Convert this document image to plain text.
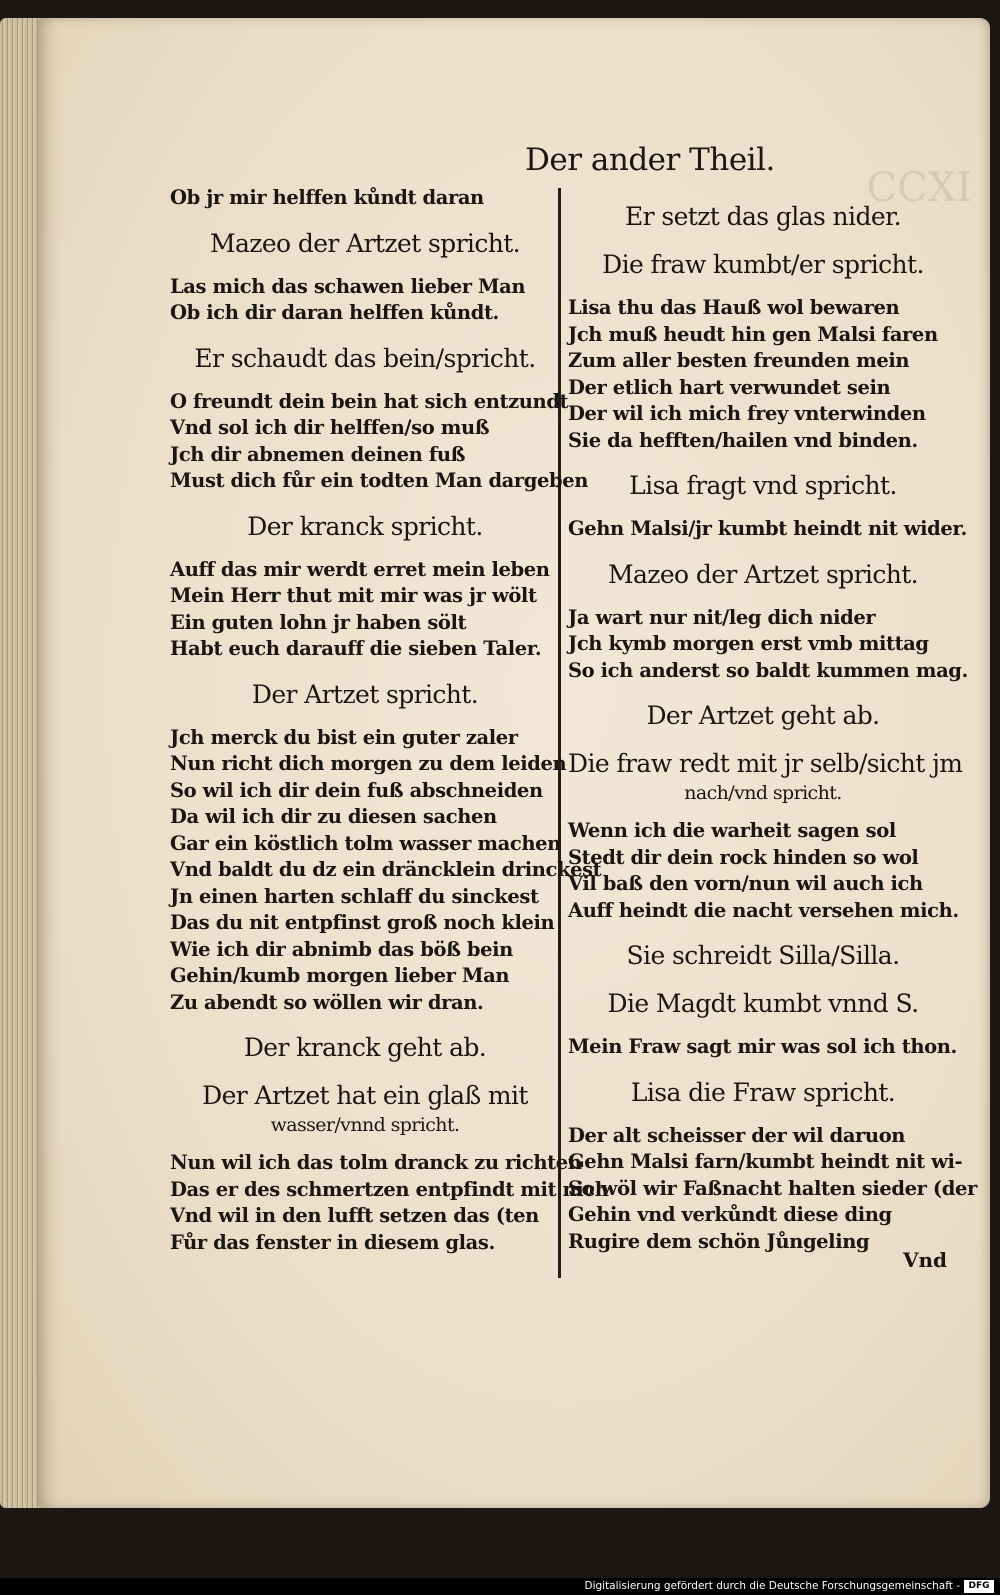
CCXI
Der ander Theil.
Ob jr mir helffen kůndt daran
Mazeo der Artzet spricht.
Las mich das schawen lieber Man
Ob ich dir daran helffen kůndt.
Er schaudt das bein/spricht.
O freundt dein bein hat sich entzundt
Vnd sol ich dir helffen/so muß
Jch dir abnemen deinen fuß
Must dich fůr ein todten Man dargeben
Der kranck spricht.
Auff das mir werdt erret mein leben
Mein Herr thut mit mir was jr wölt
Ein guten lohn jr haben sölt
Habt euch darauff die sieben Taler.
Der Artzet spricht.
Jch merck du bist ein guter zaler
Nun richt dich morgen zu dem leiden
So wil ich dir dein fuß abschneiden
Da wil ich dir zu diesen sachen
Gar ein köstlich tolm wasser machen
Vnd baldt du dz ein dräncklein drinckest
Jn einen harten schlaff du sinckest
Das du nit entpfinst groß noch klein
Wie ich dir abnimb das böß bein
Gehin/kumb morgen lieber Man
Zu abendt so wöllen wir dran.
Der kranck geht ab.
Der Artzet hat ein glaß mit
wasser/vnnd spricht.
Nun wil ich das tolm dranck zu richten
Das er des schmertzen entpfindt mit nich
Vnd wil in den lufft setzen das (ten
Fůr das fenster in diesem glas.
Er setzt das glas nider.
Die fraw kumbt/er spricht.
Lisa thu das Hauß wol bewaren
Jch muß heudt hin gen Malsi faren
Zum aller besten freunden mein
Der etlich hart verwundet sein
Der wil ich mich frey vnterwinden
Sie da hefften/hailen vnd binden.
Lisa fragt vnd spricht.
Gehn Malsi/jr kumbt heindt nit wider.
Mazeo der Artzet spricht.
Ja wart nur nit/leg dich nider
Jch kymb morgen erst vmb mittag
So ich anderst so baldt kummen mag.
Der Artzet geht ab.
Die fraw redt mit jr selb/sicht jm
nach/vnd spricht.
Wenn ich die warheit sagen sol
Stedt dir dein rock hinden so wol
Vil baß den vorn/nun wil auch ich
Auff heindt die nacht versehen mich.
Sie schreidt Silla/Silla.
Die Magdt kumbt vnnd S.
Mein Fraw sagt mir was sol ich thon.
Lisa die Fraw spricht.
Der alt scheisser der wil daruon
Gehn Malsi farn/kumbt heindt nit wi-
So wöl wir Faßnacht halten sieder (der
Gehin vnd verkůndt diese ding
Rugire dem schön Jůngeling
Vnd
Digitalisierung gefördert durch die Deutsche Forschungsgemeinschaft - DFG
